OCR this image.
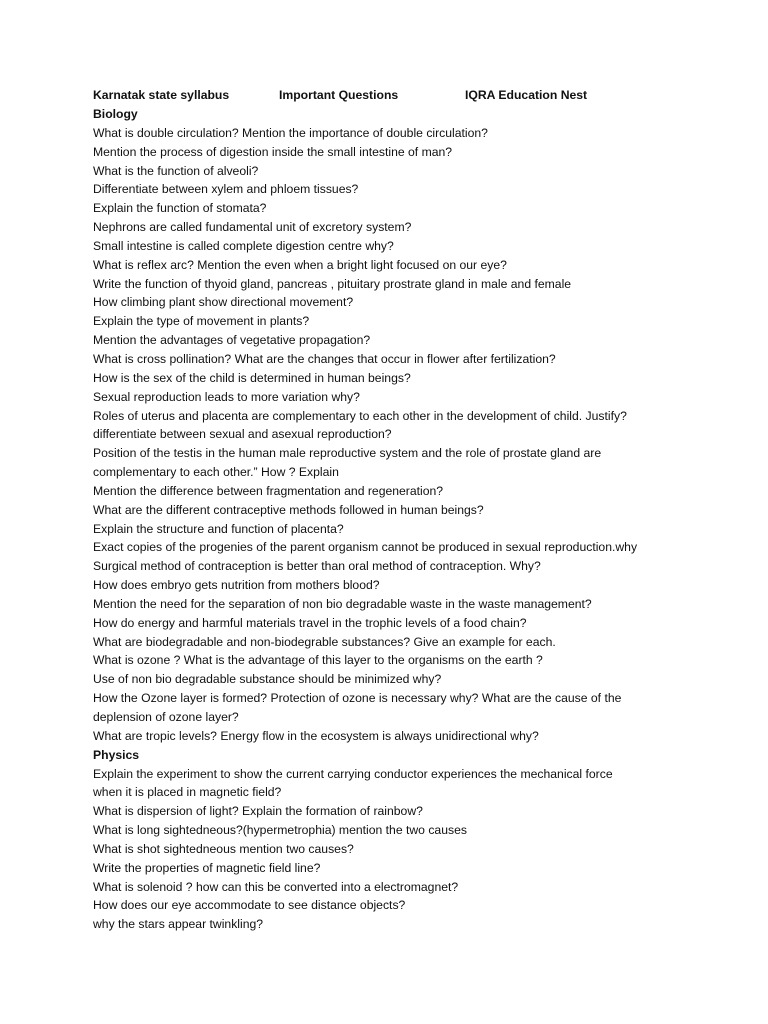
Karnatak state syllabus	Important Questions	IQRA Education Nest
Biology
What is double circulation? Mention the importance of double circulation?
Mention the process of digestion inside the small intestine of man?
What is the function of alveoli?
Differentiate between xylem and phloem tissues?
Explain the function of stomata?
Nephrons are called fundamental unit of excretory system?
Small intestine is called complete digestion centre why?
What is reflex arc? Mention the even when a bright light focused on our eye?
Write the function of thyoid gland, pancreas , pituitary prostrate gland in male and female
How climbing plant show directional movement?
Explain the type of movement in plants?
Mention the advantages of vegetative propagation?
What is cross pollination? What are the changes that occur in flower after fertilization?
How is the sex of the child is determined in human beings?
Sexual reproduction leads to more variation why?
Roles of uterus and placenta are complementary to each other in the development of child. Justify?
differentiate between sexual and asexual reproduction?
Position of the testis in the human male reproductive system and the role of prostate gland are
complementary to each other.” How ? Explain
Mention the difference between fragmentation and regeneration?
What are the different contraceptive methods followed in human beings?
Explain the structure and function of placenta?
Exact copies of the progenies of the parent organism cannot be produced in sexual reproduction.why
Surgical method of contraception is better than oral method of contraception. Why?
How does embryo gets nutrition from mothers blood?
Mention the need for the separation of non bio degradable waste in the waste management?
How do energy and harmful materials travel in the trophic levels of a food chain?
What are biodegradable and non-biodegrable substances? Give an example for each.
What is ozone ? What is the advantage of this layer to the organisms on the earth ?
Use of non bio degradable substance should be minimized why?
How the Ozone layer is formed? Protection of ozone is necessary why? What are the cause of the
deplension of ozone layer?
What are tropic levels? Energy flow in the ecosystem is always unidirectional why?
Physics
Explain the experiment to show the current carrying conductor experiences the mechanical force
when it is placed in magnetic field?
What is dispersion of light? Explain the formation of rainbow?
What is long sightedneous?(hypermetrophia) mention the two causes
What is shot sightedneous mention two causes?
Write the properties of magnetic field line?
What is solenoid ? how can this be converted into a electromagnet?
How does our eye accommodate to see distance objects?
why the stars appear twinkling?
